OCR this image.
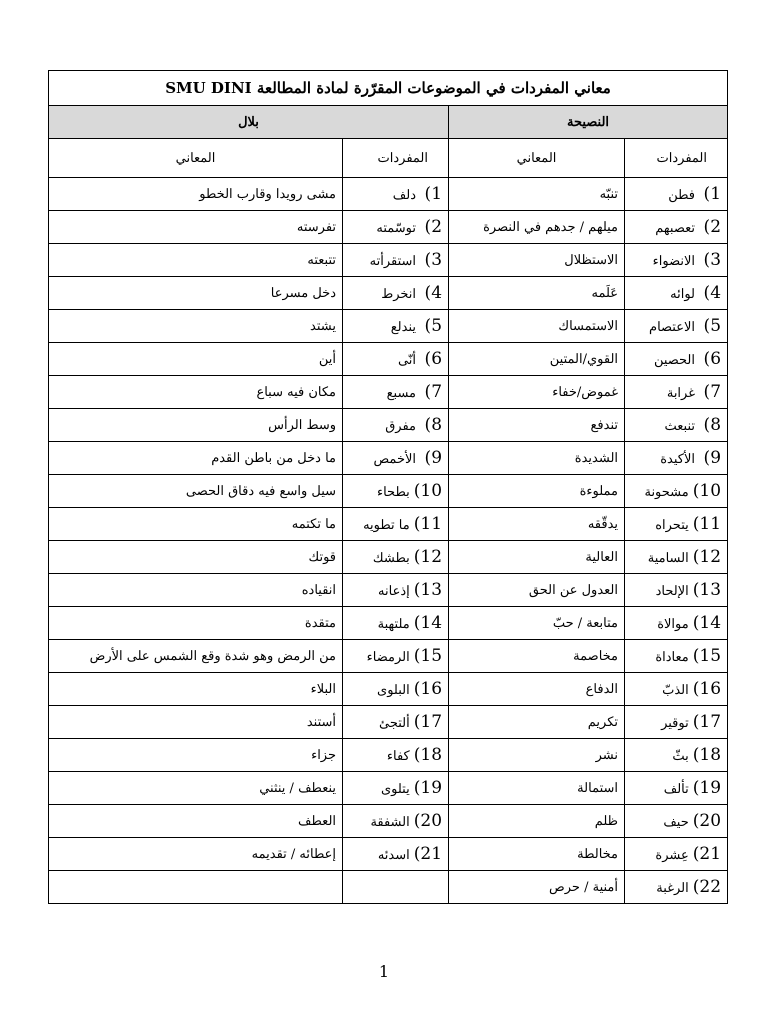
معاني المفردات في الموضوعات المقرّرة لمادة المطالعة SMU DINI			
النصيحة		بلال	
المفردات	المعاني	المفردات	المعاني
1)فطن	تنبّه	1)دلف	مشى رويدا وقارب الخطو
2)تعصبهم	ميلهم / جدهم في النصرة	2)توسّمته	تفرسته
3)الانضواء	الاستظلال	3)استقرأته	تتبعته
4)لوائه	عَلَمه	4)انخرط	دخل مسرعا
5)الاعتصام	الاستمساك	5)يندلع	يشتد
6)الحصين	القوي/المتين	6)أنّى	أين
7)غرابة	غموض/خفاء	7)مسبع	مكان فيه سباع
8)تنبعث	تندفع	8)مفرق	وسط الرأس
9)الأكيدة	الشديدة	9)الأخمص	ما دخل من باطن القدم
10)مشحونة	مملوءة	10)بطحاء	سيل واسع فيه دقاق الحصى
11)يتحراه	يدقّقه	11)ما تطويه	ما تكتمه
12)السامية	العالية	12)بطشك	قوتك
13)الإلحاد	العدول عن الحق	13)إذعانه	انقياده
14)موالاة	متابعة / حبّ	14)ملتهبة	متقدة
15)معاداة	مخاصمة	15)الرمضاء	من الرمض وهو شدة وقع الشمس على الأرض
16)الذبّ	الدفاع	16)البلوى	البلاء
17)توقير	تكريم	17)ألتجئ	أستند
18)بثّ	نشر	18)كفاء	جزاء
19)تألف	استمالة	19)يتلوى	ينعطف / ينثني
20)حيف	ظلم	20)الشفقة	العطف
21)عِشرة	مخالطة	21)اسدئه	إعطائه / تقديمه
22)الرغبة	أمنية / حرص		
1
